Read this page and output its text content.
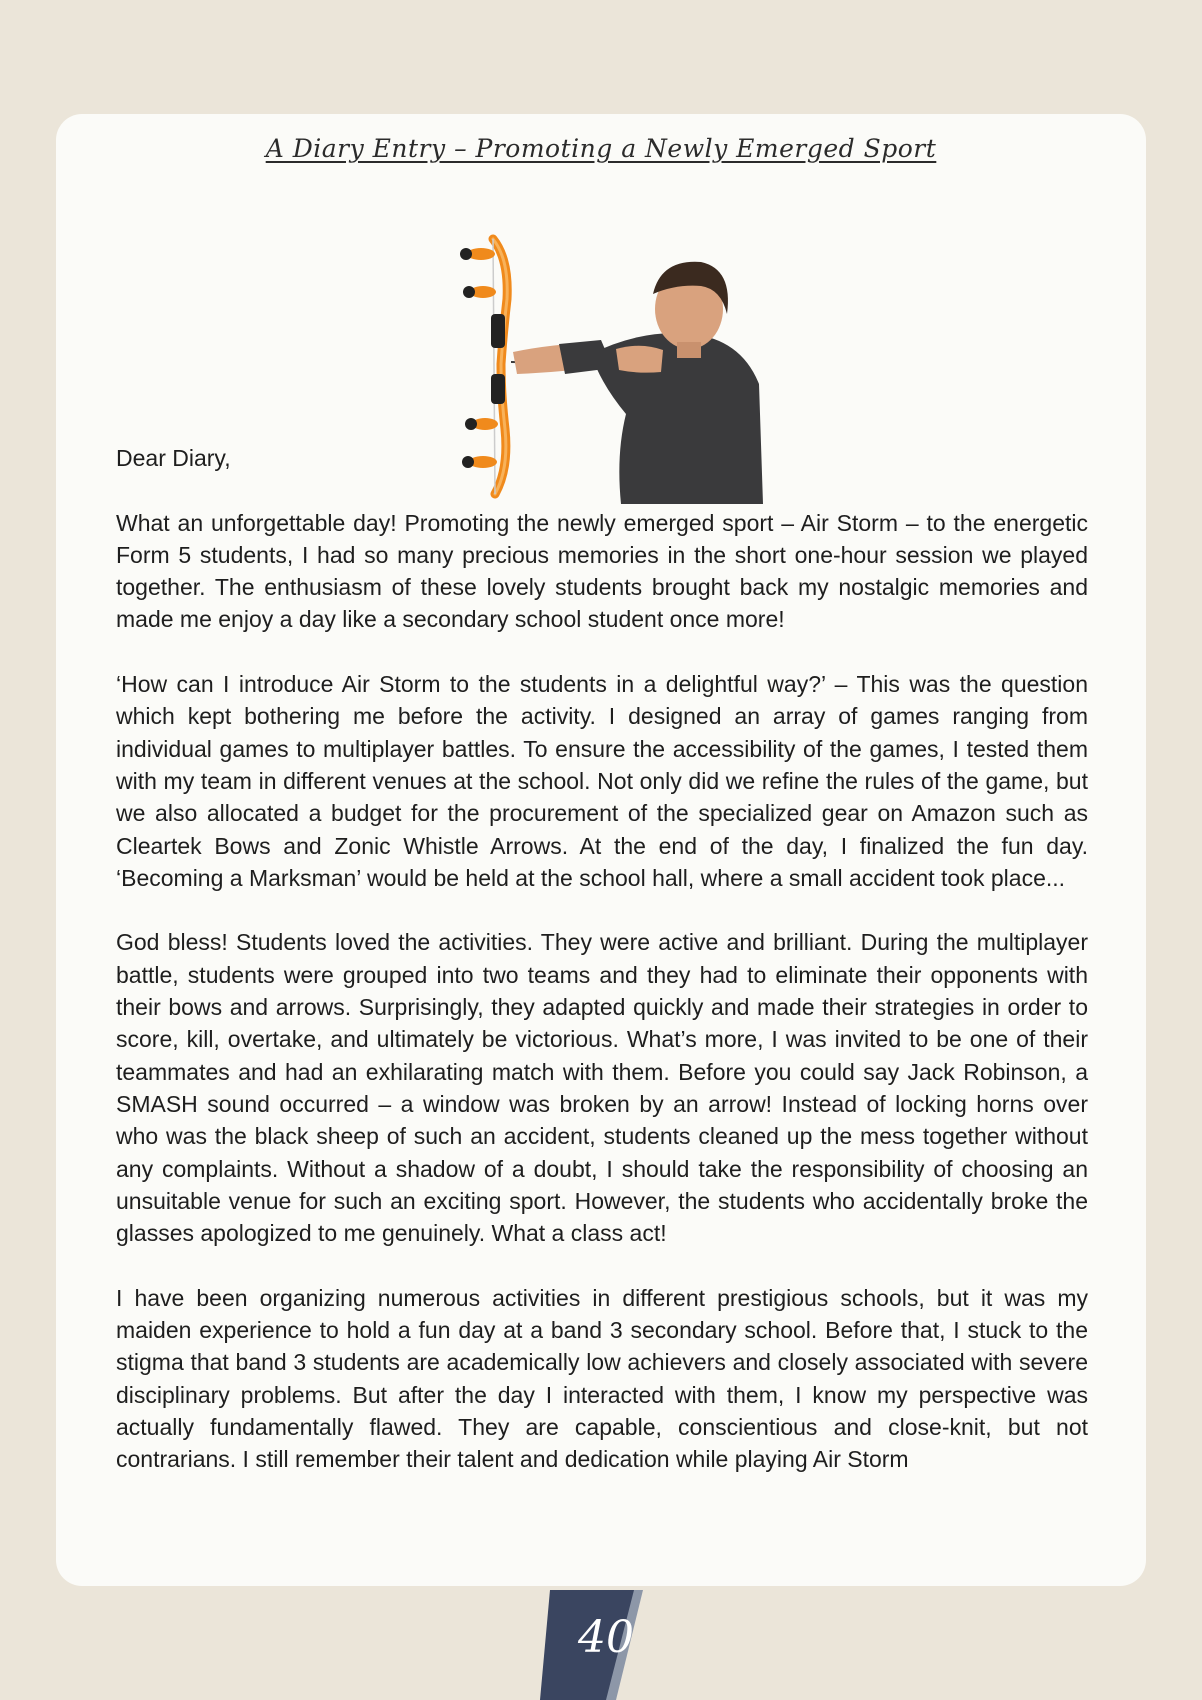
A Diary Entry – Promoting a Newly Emerged Sport

Dear Diary,

What an unforgettable day! Promoting the newly emerged sport – Air Storm – to the energetic Form 5 students, I had so many precious memories in the short one-hour session we played together. The enthusiasm of these lovely students brought back my nostalgic memories and made me enjoy a day like a secondary school student once more!

‘How can I introduce Air Storm to the students in a delightful way?’ – This was the question which kept bothering me before the activity. I designed an array of games ranging from individual games to multiplayer battles. To ensure the accessibility of the games, I tested them with my team in different venues at the school. Not only did we refine the rules of the game, but we also allocated a budget for the procurement of the specialized gear on Amazon such as Cleartek Bows and Zonic Whistle Arrows. At the end of the day, I finalized the fun day. ‘Becoming a Marksman’ would be held at the school hall, where a small accident took place...

God bless! Students loved the activities. They were active and brilliant. During the multiplayer battle, students were grouped into two teams and they had to eliminate their opponents with their bows and arrows. Surprisingly, they adapted quickly and made their strategies in order to score, kill, overtake, and ultimately be victorious. What’s more, I was invited to be one of their teammates and had an exhilarating match with them. Before you could say Jack Robinson, a SMASH sound occurred – a window was broken by an arrow! Instead of locking horns over who was the black sheep of such an accident, students cleaned up the mess together without any complaints. Without a shadow of a doubt, I should take the responsibility of choosing an unsuitable venue for such an exciting sport. However, the students who accidentally broke the glasses apologized to me genuinely. What a class act!

I have been organizing numerous activities in different prestigious schools, but it was my maiden experience to hold a fun day at a band 3 secondary school. Before that, I stuck to the stigma that band 3 students are academically low achievers and closely associated with severe disciplinary problems. But after the day I interacted with them, I know my perspective was actually fundamentally flawed. They are capable, conscientious and close-knit, but not contrarians. I still remember their talent and dedication while playing Air Storm

40
